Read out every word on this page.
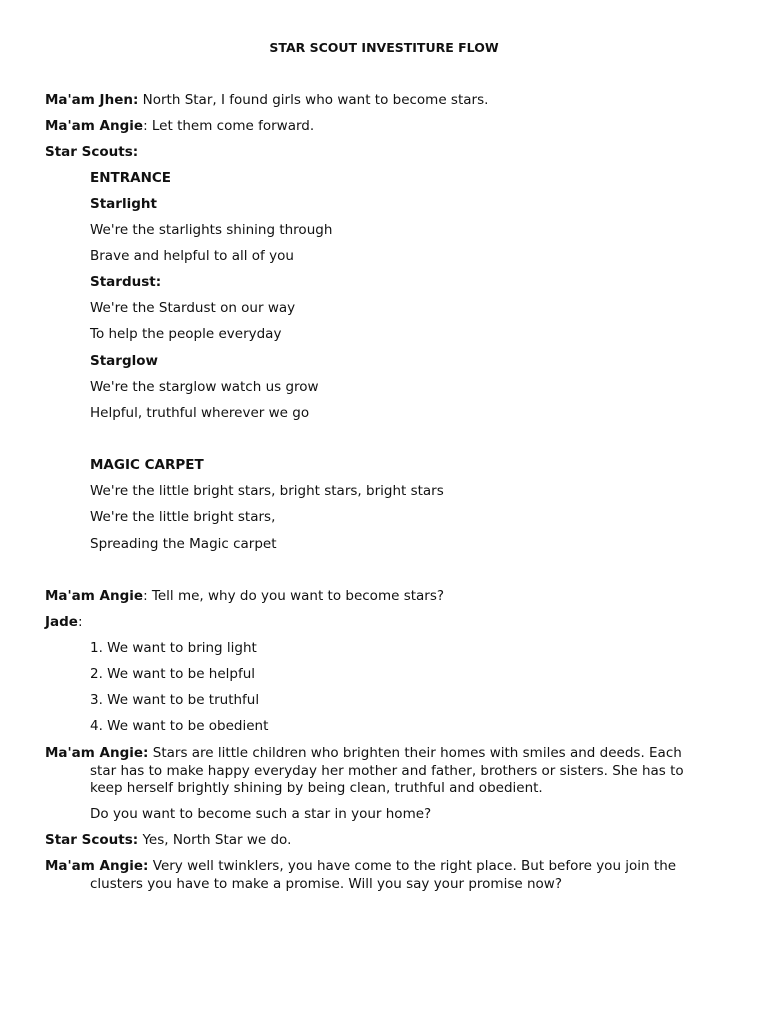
STAR SCOUT INVESTITURE FLOW
Ma'am Jhen: North Star, I found girls who want to become stars.
Ma'am Angie: Let them come forward.
Star Scouts:
ENTRANCE
Starlight
We're the starlights shining through
Brave and helpful to all of you
Stardust:
We're the Stardust on our way
To help the people everyday
Starglow
We're the starglow watch us grow
Helpful, truthful wherever we go
MAGIC CARPET
We're the little bright stars, bright stars, bright stars
We're the little bright stars,
Spreading the Magic carpet
Ma'am Angie: Tell me, why do you want to become stars?
Jade:
1. We want to bring light
2. We want to be helpful
3. We want to be truthful
4. We want to be obedient
Ma'am Angie: Stars are little children who brighten their homes with smiles and deeds. Each
star has to make happy everyday her mother and father, brothers or sisters. She has to
keep herself brightly shining by being clean, truthful and obedient.
Do you want to become such a star in your home?
Star Scouts: Yes, North Star we do.
Ma'am Angie: Very well twinklers, you have come to the right place. But before you join the
clusters you have to make a promise. Will you say your promise now?
